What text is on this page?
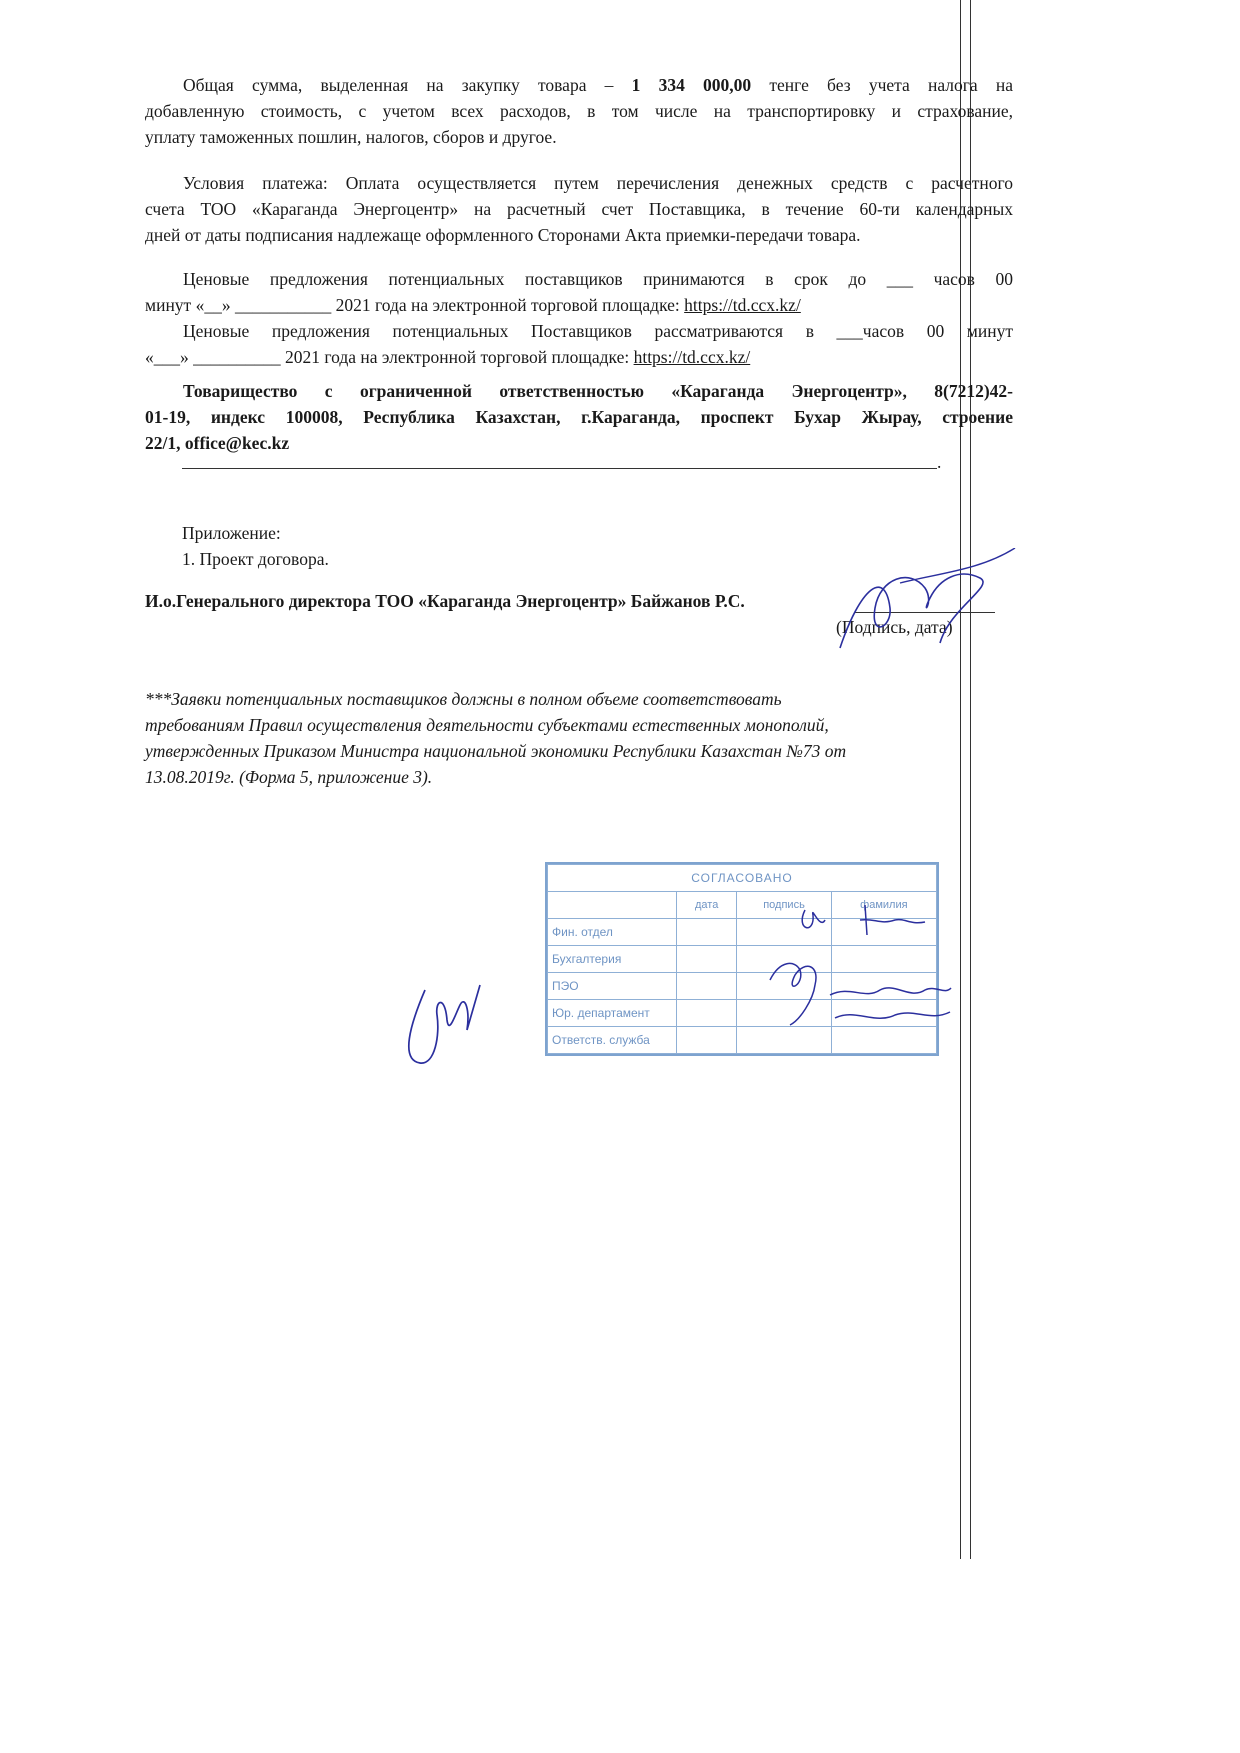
Общая сумма, выделенная на закупку товара – 1 334 000,00 тенге без учета налога на
добавленную стоимость, с учетом всех расходов, в том числе на транспортировку и страхование,
уплату таможенных пошлин, налогов, сборов и другое.
Условия платежа: Оплата осуществляется путем перечисления денежных средств с расчетного
счета ТОО «Караганда Энергоцентр» на расчетный счет Поставщика, в течение 60-ти календарных
дней от даты подписания надлежаще оформленного Сторонами Акта приемки-передачи товара.
Ценовые предложения потенциальных поставщиков принимаются в срок до ___ часов 00
минут «__» ___________ 2021 года на электронной торговой площадке: https://td.ccx.kz/
Ценовые предложения потенциальных Поставщиков рассматриваются в ___часов 00 минут
«___» __________ 2021 года на электронной торговой площадке: https://td.ccx.kz/
Товарищество с ограниченной ответственностью «Караганда Энергоцентр», 8(7212)42-
01-19, индекс 100008, Республика Казахстан, г.Караганда, проспект Бухар Жырау, строение
22/1, office@kec.kz
.
Приложение:
1. Проект договора.
И.о.Генерального директора ТОО «Караганда Энергоцентр» Байжанов Р.С.
(Подпись, дата)
***Заявки потенциальных поставщиков должны в полном объеме соответствовать
требованиям Правил осуществления деятельности субъектами естественных монополий,
утвержденных Приказом Министра национальной экономики Республики Казахстан №73 от
13.08.2019г. (Форма 5, приложение 3).
СОГЛАСОВАНО			
	дата	подпись	фамилия
Фин. отдел			
Бухгалтерия			
ПЭО			
Юр. департамент			
Ответств. служба			
